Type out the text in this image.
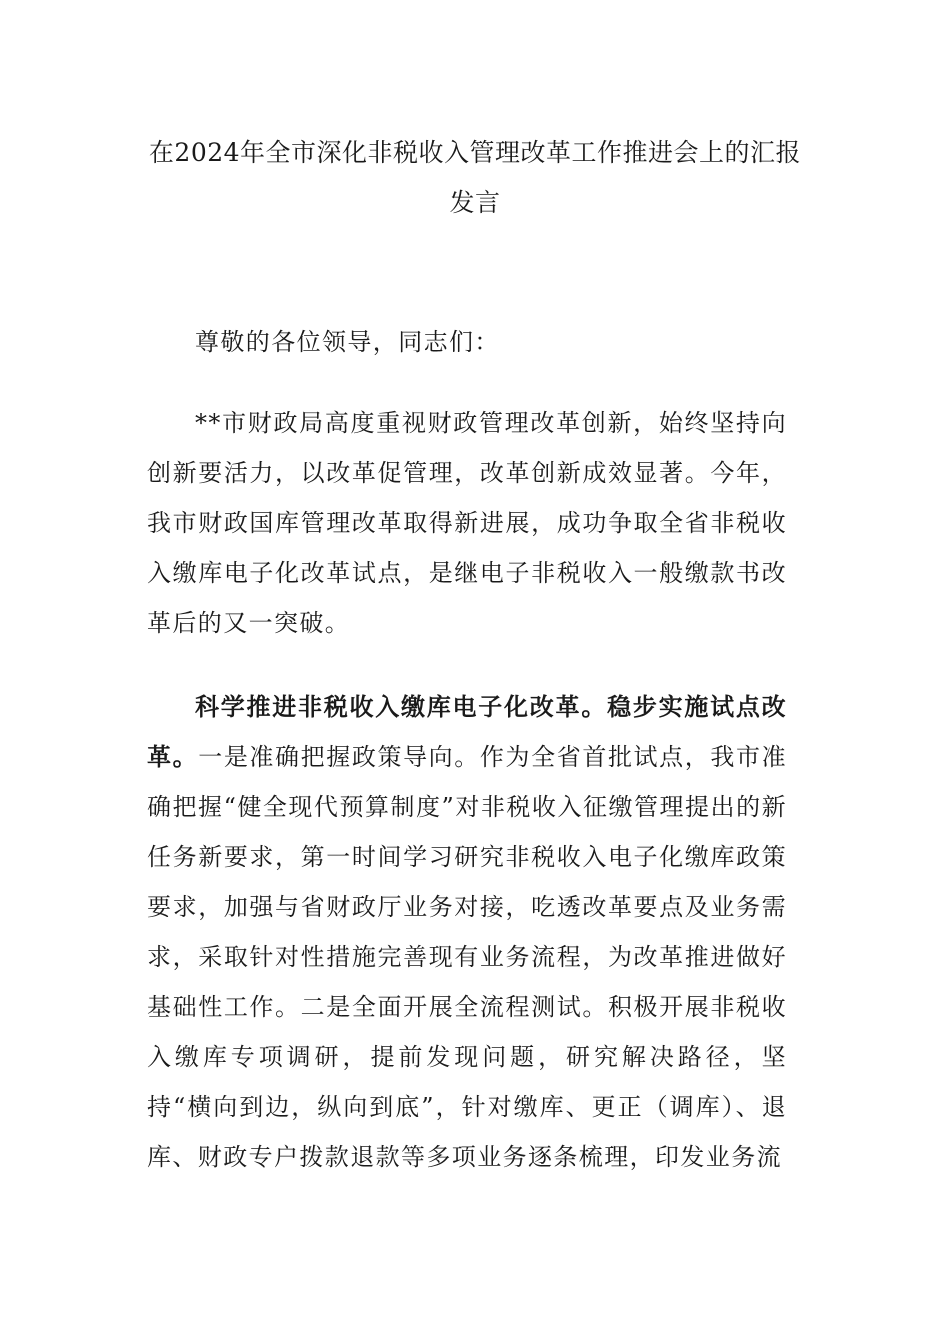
在2024年全市深化非税收入管理改革工作推进会上的汇报发言

尊敬的各位领导，同志们：

**市财政局高度重视财政管理改革创新，始终坚持向创新要活力，以改革促管理，改革创新成效显著。今年，我市财政国库管理改革取得新进展，成功争取全省非税收入缴库电子化改革试点，是继电子非税收入一般缴款书改革后的又一突破。

科学推进非税收入缴库电子化改革。稳步实施试点改革。一是准确把握政策导向。作为全省首批试点，我市准确把握“健全现代预算制度”对非税收入征缴管理提出的新任务新要求，第一时间学习研究非税收入电子化缴库政策要求，加强与省财政厅业务对接，吃透改革要点及业务需求，采取针对性措施完善现有业务流程，为改革推进做好基础性工作。二是全面开展全流程测试。积极开展非税收入缴库专项调研，提前发现问题，研究解决路径，坚持“横向到边，纵向到底”，针对缴库、更正（调库）、退库、财政专户拨款退款等多项业务逐条梳理，印发业务流
